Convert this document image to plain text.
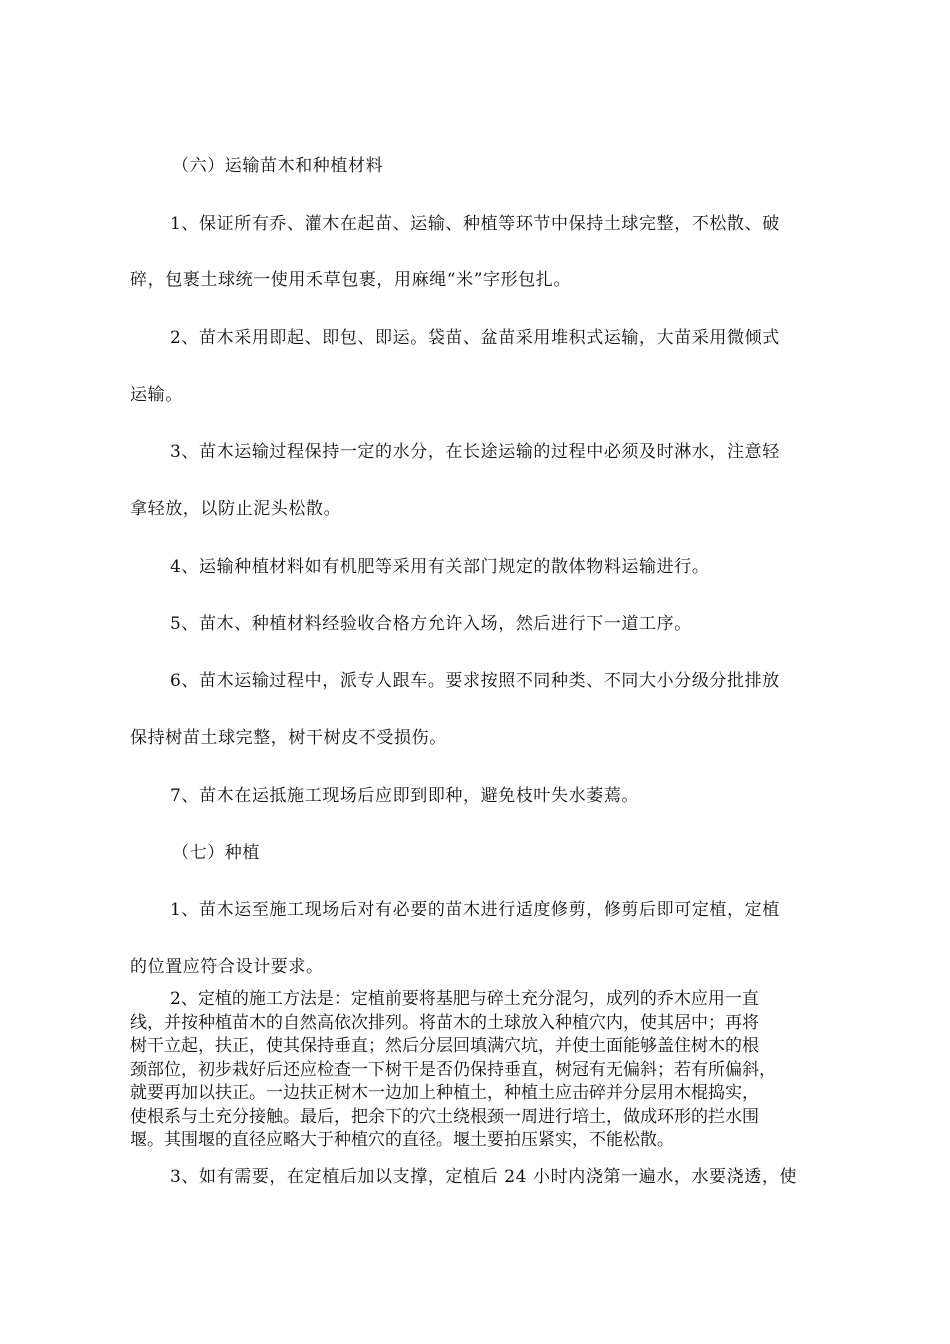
（六）运输苗木和种植材料
1、保证所有乔、灌木在起苗、运输、种植等环节中保持土球完整，不松散、破
碎，包裹土球统一使用禾草包裹，用麻绳“米”字形包扎。
2、苗木采用即起、即包、即运。袋苗、盆苗采用堆积式运输，大苗采用微倾式
运输。
3、苗木运输过程保持一定的水分，在长途运输的过程中必须及时淋水，注意轻
拿轻放，以防止泥头松散。
4、运输种植材料如有机肥等采用有关部门规定的散体物料运输进行。
5、苗木、种植材料经验收合格方允许入场，然后进行下一道工序。
6、苗木运输过程中，派专人跟车。要求按照不同种类、不同大小分级分批排放
保持树苗土球完整，树干树皮不受损伤。
7、苗木在运抵施工现场后应即到即种，避免枝叶失水萎蔫。
（七）种植
1、苗木运至施工现场后对有必要的苗木进行适度修剪，修剪后即可定植，定植
的位置应符合设计要求。
2、定植的施工方法是：定植前要将基肥与碎土充分混匀，成列的乔木应用一直
线，并按种植苗木的自然高依次排列。将苗木的土球放入种植穴内，使其居中；再将
树干立起，扶正，使其保持垂直；然后分层回填满穴坑，并使土面能够盖住树木的根
颈部位，初步栽好后还应检查一下树干是否仍保持垂直，树冠有无偏斜；若有所偏斜，
就要再加以扶正。一边扶正树木一边加上种植土，种植土应击碎并分层用木棍捣实，
使根系与土充分接触。最后，把余下的穴土绕根颈一周进行培土，做成环形的拦水围
堰。其围堰的直径应略大于种植穴的直径。堰土要拍压紧实，不能松散。
3、如有需要，在定植后加以支撑，定植后 24 小时内浇第一遍水，水要浇透，使
